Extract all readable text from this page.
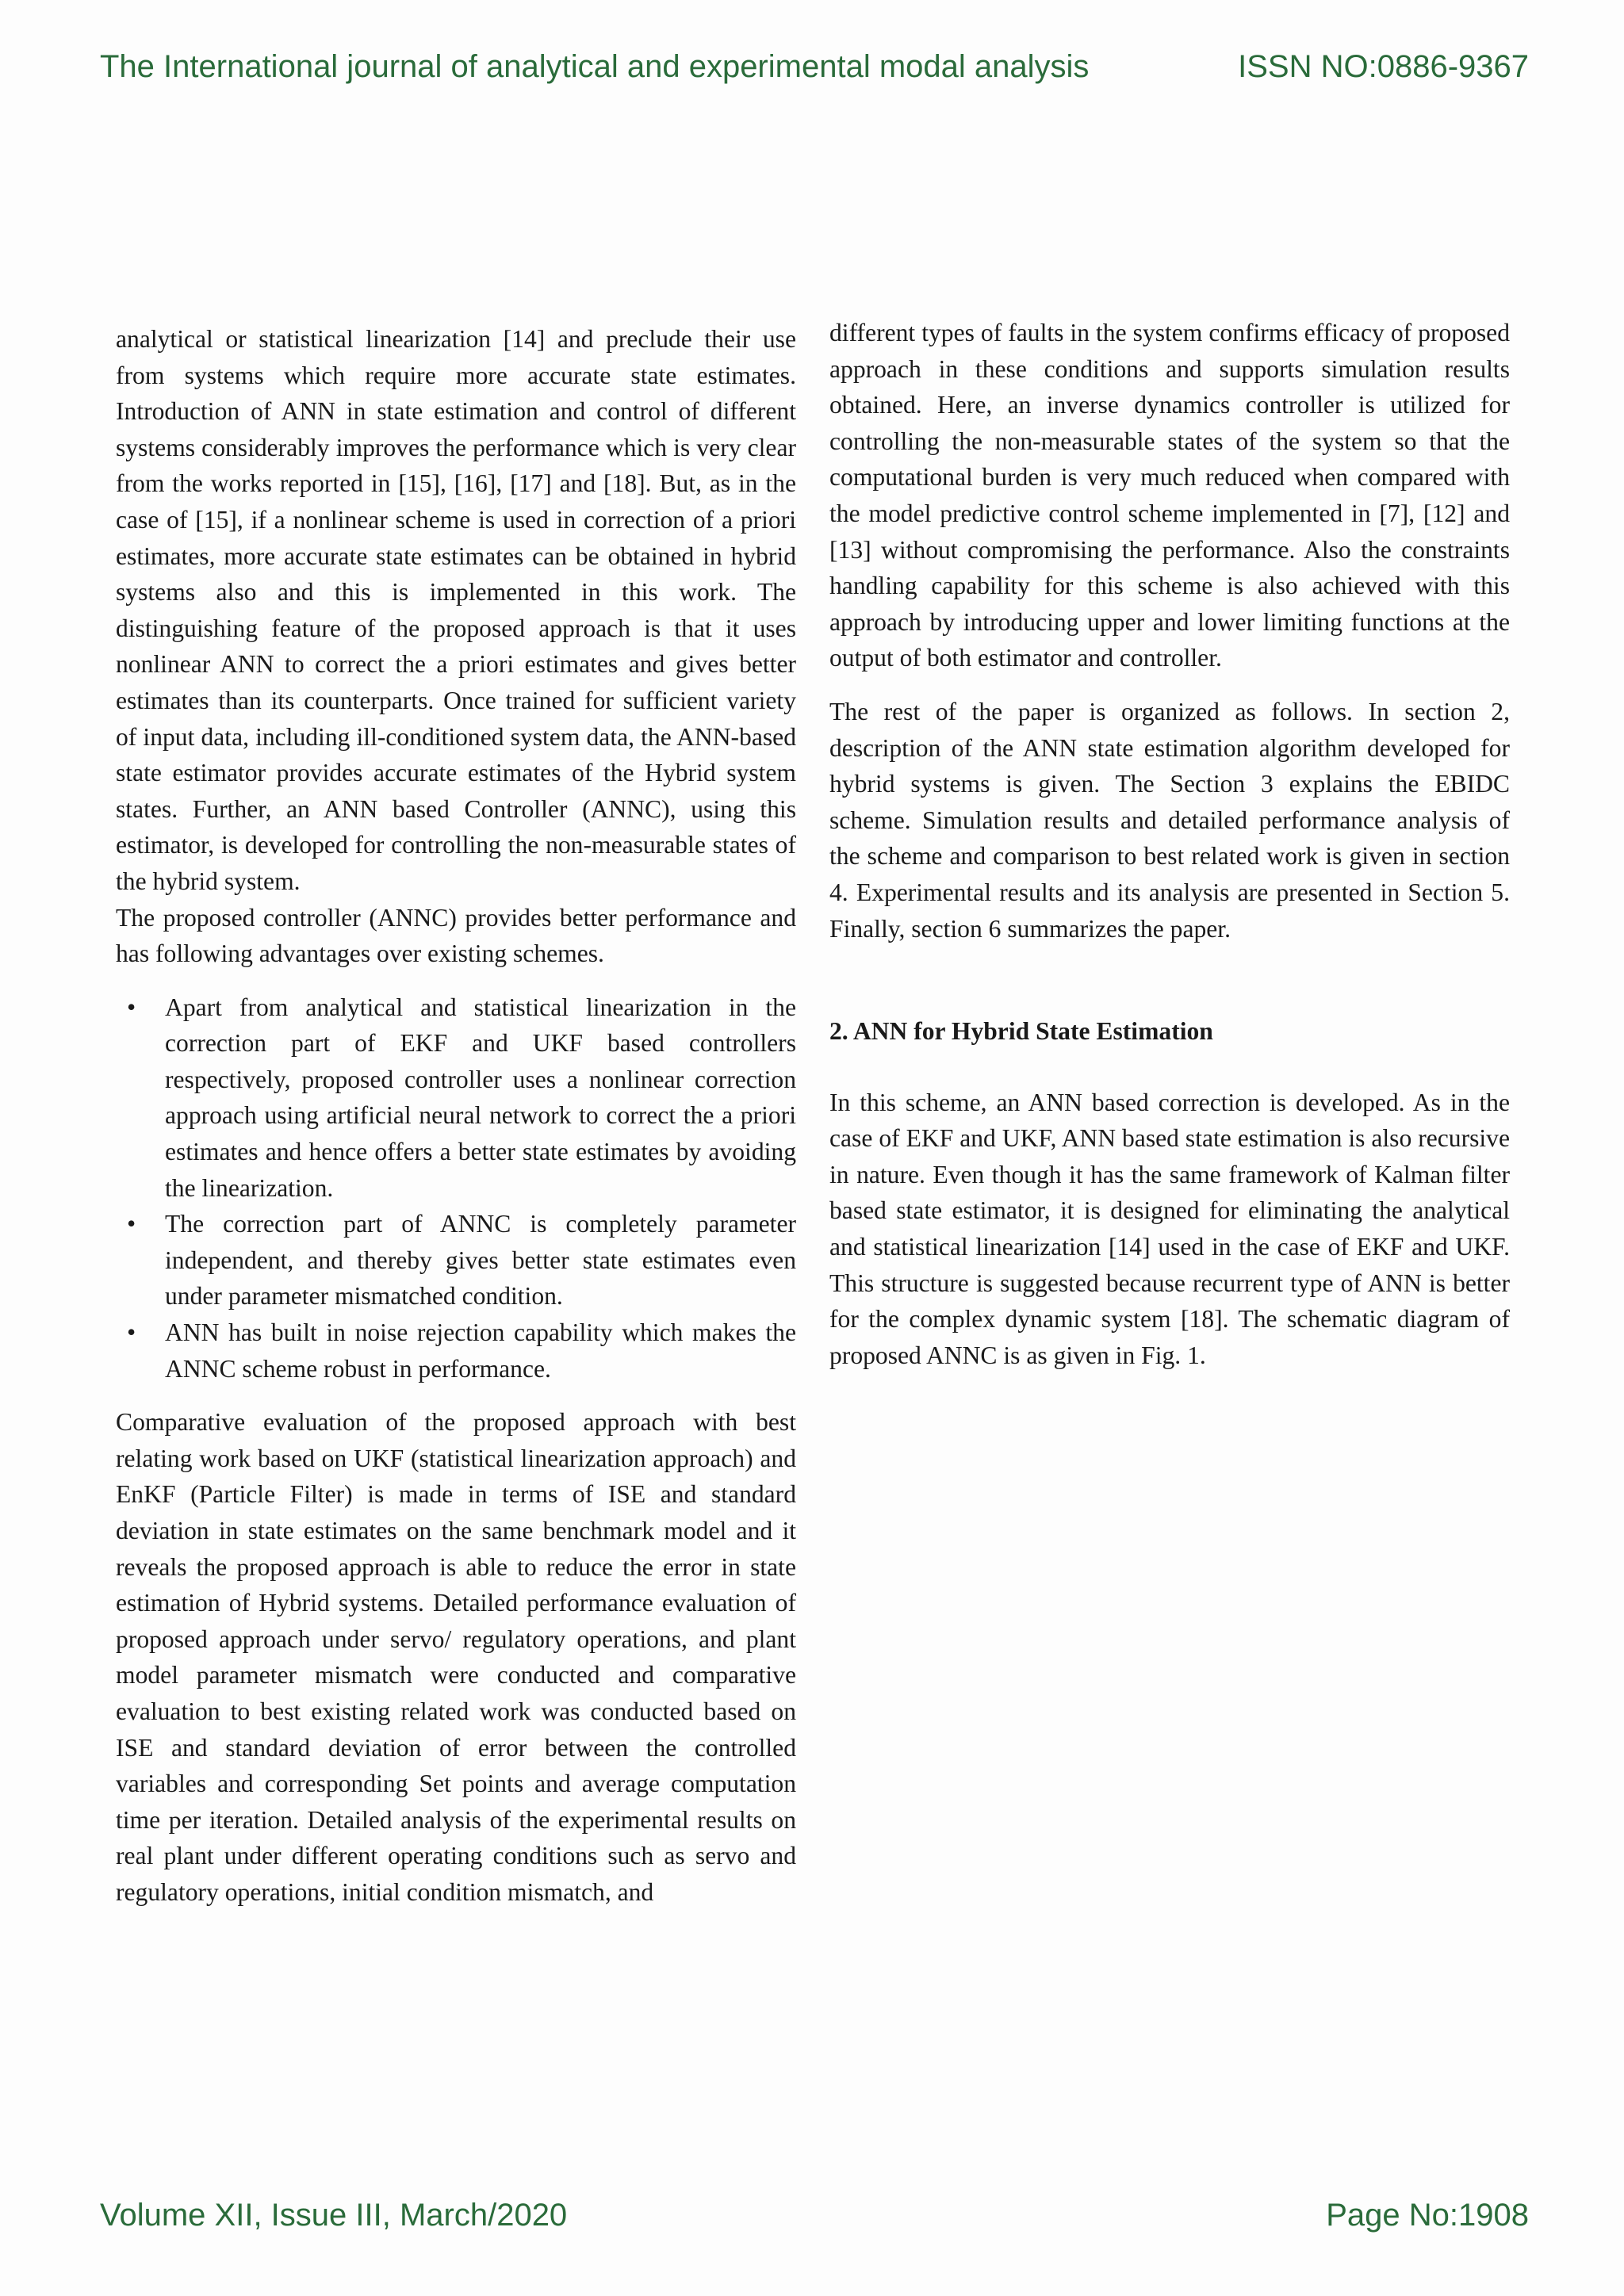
The International journal of analytical and experimental modal analysis	ISSN NO:0886-9367

analytical or statistical linearization [14] and preclude their use from systems which require more accurate state estimates. Introduction of ANN in state estimation and control of different systems considerably improves the performance which is very clear from the works reported in [15], [16], [17] and [18]. But, as in the case of [15], if a nonlinear scheme is used in correction of a priori estimates, more accurate state estimates can be obtained in hybrid systems also and this is implemented in this work. The distinguishing feature of the proposed approach is that it uses nonlinear ANN to correct the a priori estimates and gives better estimates than its counterparts. Once trained for sufficient variety of input data, including ill-conditioned system data, the ANN-based state estimator provides accurate estimates of the Hybrid system states. Further, an ANN based Controller (ANNC), using this estimator, is developed for controlling the non-measurable states of the hybrid system.

The proposed controller (ANNC) provides better performance and has following advantages over existing schemes.

• Apart from analytical and statistical linearization in the correction part of EKF and UKF based controllers respectively, proposed controller uses a nonlinear correction approach using artificial neural network to correct the a priori estimates and hence offers a better state estimates by avoiding the linearization.
• The correction part of ANNC is completely parameter independent, and thereby gives better state estimates even under parameter mismatched condition.
• ANN has built in noise rejection capability which makes the ANNC scheme robust in performance.

Comparative evaluation of the proposed approach with best relating work based on UKF (statistical linearization approach) and EnKF (Particle Filter) is made in terms of ISE and standard deviation in state estimates on the same benchmark model and it reveals the proposed approach is able to reduce the error in state estimation of Hybrid systems. Detailed performance evaluation of proposed approach under servo/ regulatory operations, and plant model parameter mismatch were conducted and comparative evaluation to best existing related work was conducted based on ISE and standard deviation of error between the controlled variables and corresponding Set points and average computation time per iteration. Detailed analysis of the experimental results on real plant under different operating conditions such as servo and regulatory operations, initial condition mismatch, and

different types of faults in the system confirms efficacy of proposed approach in these conditions and supports simulation results obtained. Here, an inverse dynamics controller is utilized for controlling the non-measurable states of the system so that the computational burden is very much reduced when compared with the model predictive control scheme implemented in [7], [12] and [13] without compromising the performance. Also the constraints handling capability for this scheme is also achieved with this approach by introducing upper and lower limiting functions at the output of both estimator and controller.

The rest of the paper is organized as follows. In section 2, description of the ANN state estimation algorithm developed for hybrid systems is given. The Section 3 explains the EBIDC scheme. Simulation results and detailed performance analysis of the scheme and comparison to best related work is given in section 4. Experimental results and its analysis are presented in Section 5. Finally, section 6 summarizes the paper.

2. ANN for Hybrid State Estimation

In this scheme, an ANN based correction is developed. As in the case of EKF and UKF, ANN based state estimation is also recursive in nature. Even though it has the same framework of Kalman filter based state estimator, it is designed for eliminating the analytical and statistical linearization [14] used in the case of EKF and UKF. This structure is suggested because recurrent type of ANN is better for the complex dynamic system [18]. The schematic diagram of proposed ANNC is as given in Fig. 1.

Volume XII, Issue III, March/2020	Page No:1908
